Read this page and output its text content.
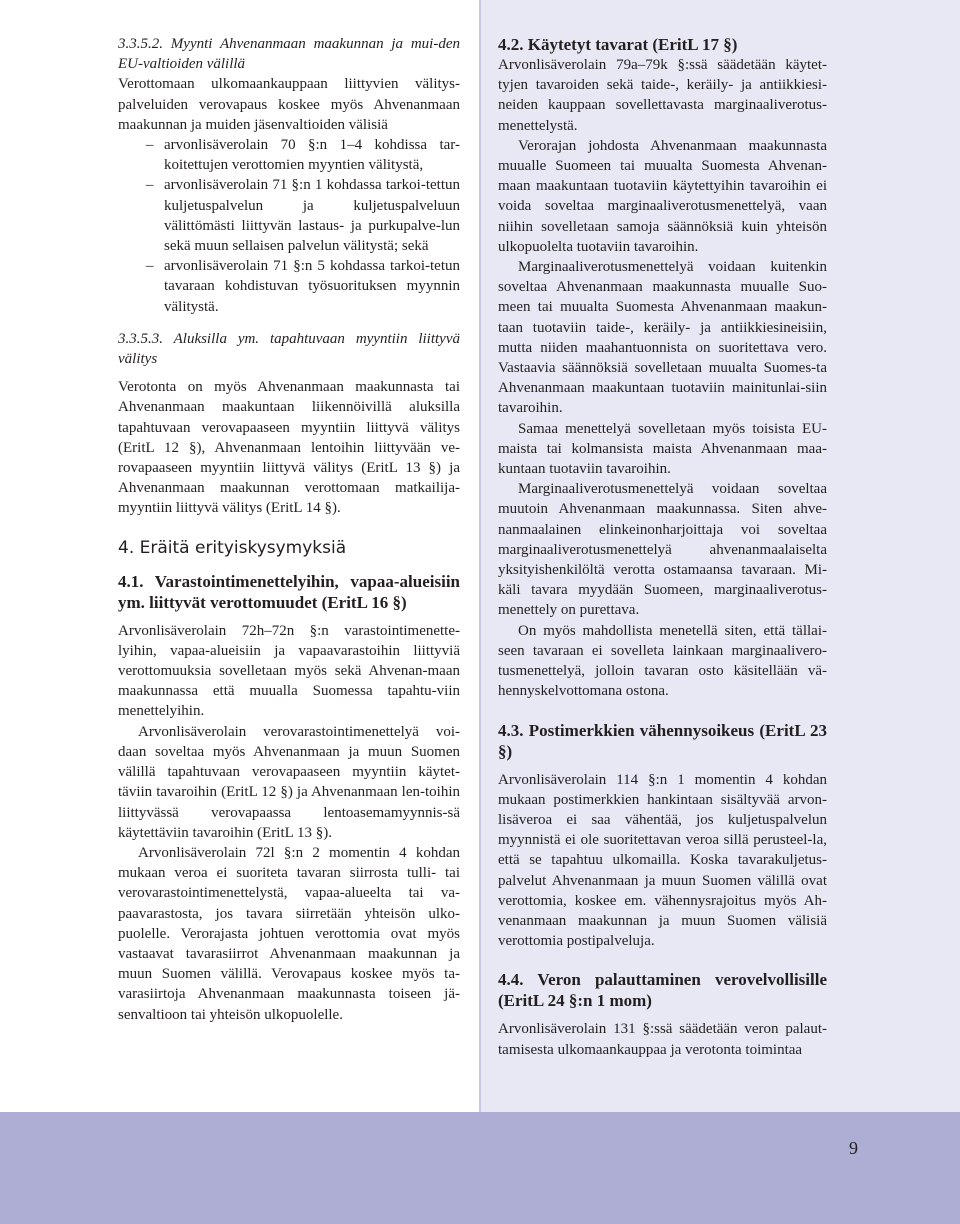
3.3.5.2. Myynti Ahvenanmaan maakunnan ja mui-den EU-valtioiden välillä

Verottomaan ulkomaankauppaan liittyvien välitys-palveluiden verovapaus koskee myös Ahvenanmaan maakunnan ja muiden jäsenvaltioiden välisiä

– arvonlisäverolain 70 §:n 1–4 kohdissa tar-koitettujen verottomien myyntien välitystä,
– arvonlisäverolain 71 §:n 1 kohdassa tarkoi-tettun kuljetuspalvelun ja kuljetuspalveluun välittömästi liittyvän lastaus- ja purkupalve-lun sekä muun sellaisen palvelun välitystä; sekä
– arvonlisäverolain 71 §:n 5 kohdassa tarkoi-tetun tavaraan kohdistuvan työsuorituksen myynnin välitystä.

3.3.5.3. Aluksilla ym. tapahtuvaan myyntiin liittyvä välitys

Verotonta on myös Ahvenanmaan maakunnasta tai Ahvenanmaan maakuntaan liikennöivillä aluksilla tapahtuvaan verovapaaseen myyntiin liittyvä välitys (EritL 12 §), Ahvenanmaan lentoihin liittyvään ve-rovapaaseen myyntiin liittyvä välitys (EritL 13 §) ja Ahvenanmaan maakunnan verottomaan matkailija-myyntiin liittyvä välitys (EritL 14 §).

4. Eräitä erityiskysymyksiä

4.1. Varastointimenettelyihin, vapaa-alueisiin ym. liittyvät verottomuudet (EritL 16 §)

Arvonlisäverolain 72h–72n §:n varastointimenette-lyihin, vapaa-alueisiin ja vapaavarastoihin liittyviä verottomuuksia sovelletaan myös sekä Ahvenan-maan maakunnassa että muualla Suomessa tapahtu-viin menettelyihin.

Arvonlisäverolain verovarastointimenettelyä voi-daan soveltaa myös Ahvenanmaan ja muun Suomen välillä tapahtuvaan verovapaaseen myyntiin käytet-täviin tavaroihin (EritL 12 §) ja Ahvenanmaan len-toihin liittyvässä verovapaassa lentoasemamyynnis-sä käytettäviin tavaroihin (EritL 13 §).

Arvonlisäverolain 72l §:n 2 momentin 4 kohdan mukaan veroa ei suoriteta tavaran siirrosta tulli- tai verovarastointimenettelystä, vapaa-alueelta tai va-paavarastosta, jos tavara siirretään yhteisön ulko-puolelle. Verorajasta johtuen verottomia ovat myös vastaavat tavarasiirrot Ahvenanmaan maakunnan ja muun Suomen välillä. Verovapaus koskee myös ta-varasiirtoja Ahvenanmaan maakunnasta toiseen jä-senvaltioon tai yhteisön ulkopuolelle.

4.2. Käytetyt tavarat (EritL 17 §)

Arvonlisäverolain 79a–79k §:ssä säädetään käytet-tyjen tavaroiden sekä taide-, keräily- ja antiikkiesi-neiden kauppaan sovellettavasta marginaaliverotus-menettelystä.

Verorajan johdosta Ahvenanmaan maakunnasta muualle Suomeen tai muualta Suomesta Ahvenan-maan maakuntaan tuotaviin käytettyihin tavaroihin ei voida soveltaa marginaaliverotusmenettelyä, vaan niihin sovelletaan samoja säännöksiä kuin yhteisön ulkopuolelta tuotaviin tavaroihin.

Marginaaliverotusmenettelyä voidaan kuitenkin soveltaa Ahvenanmaan maakunnasta muualle Suo-meen tai muualta Suomesta Ahvenanmaan maakun-taan tuotaviin taide-, keräily- ja antiikkiesineisiin, mutta niiden maahantuonnista on suoritettava vero. Vastaavia säännöksiä sovelletaan muualta Suomes-ta Ahvenanmaan maakuntaan tuotaviin mainitunlai-siin tavaroihin.

Samaa menettelyä sovelletaan myös toisista EU-maista tai kolmansista maista Ahvenanmaan maa-kuntaan tuotaviin tavaroihin.

Marginaaliverotusmenettelyä voidaan soveltaa muutoin Ahvenanmaan maakunnassa. Siten ahve-nanmaalainen elinkeinonharjoittaja voi soveltaa marginaaliverotusmenettelyä ahvenanmaalaiselta yksityishenkilöltä verotta ostamaansa tavaraan. Mi-käli tavara myydään Suomeen, marginaaliverotus-menettely on purettava.

On myös mahdollista menetellä siten, että tällai-seen tavaraan ei sovelleta lainkaan marginaalivero-tusmenettelyä, jolloin tavaran osto käsitellään vä-hennyskelvottomana ostona.

4.3. Postimerkkien vähennysoikeus (EritL 23 §)

Arvonlisäverolain 114 §:n 1 momentin 4 kohdan mukaan postimerkkien hankintaan sisältyvää arvon-lisäveroa ei saa vähentää, jos kuljetuspalvelun myynnistä ei ole suoritettavan veroa sillä perusteel-la, että se tapahtuu ulkomailla. Koska tavarakuljetus-palvelut Ahvenanmaan ja muun Suomen välillä ovat verottomia, koskee em. vähennysrajoitus myös Ah-venanmaan maakunnan ja muun Suomen välisiä verottomia postipalveluja.

4.4. Veron palauttaminen verovelvollisille (EritL 24 §:n 1 mom)

Arvonlisäverolain 131 §:ssä säädetään veron palaut-tamisesta ulkomaankauppaa ja verotonta toimintaa

9
